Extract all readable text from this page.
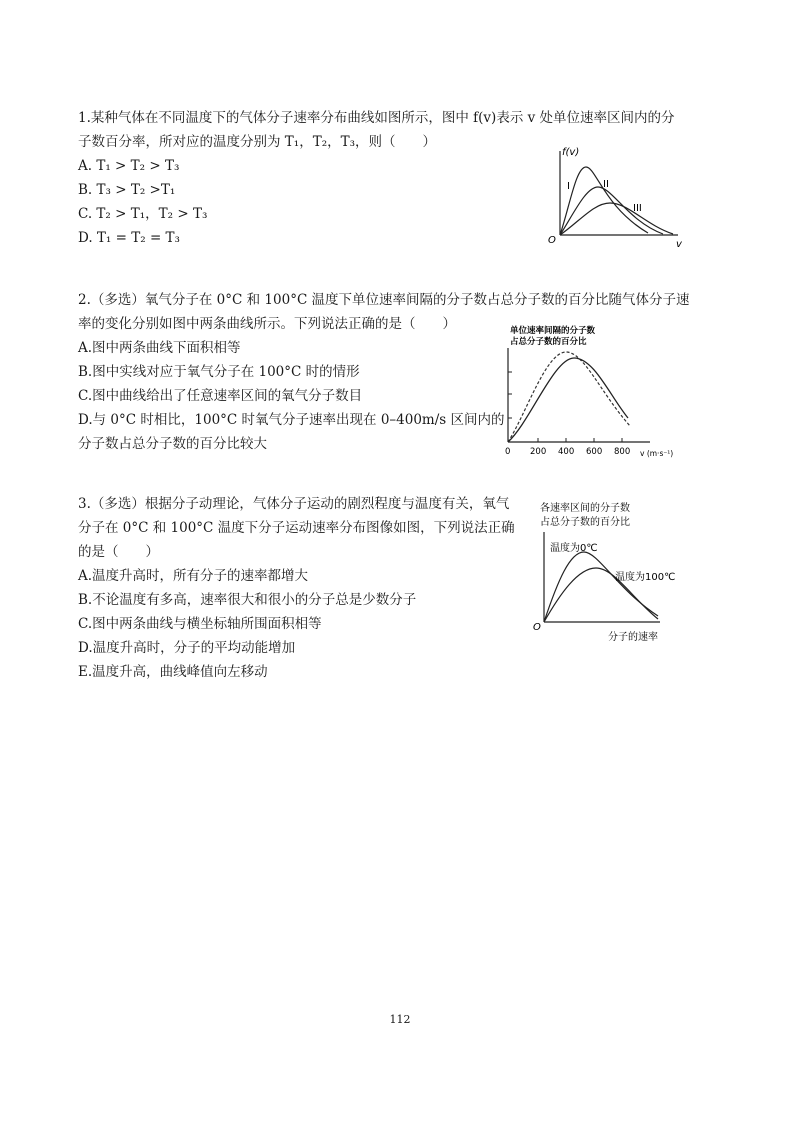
1.某种气体在不同温度下的气体分子速率分布曲线如图所示，图中 f(v)表示 v 处单位速率区间内的分
子数百分率，所对应的温度分别为 T₁，T₂，T₃，则（　　）
A. T₁ > T₂ > T₃
B. T₃ > T₂ >T₁
C. T₂ > T₁，T₂ > T₃
D. T₁ = T₂ = T₃
f(v)
v
O
I	II
III
2.（多选）氧气分子在 0°C 和 100°C 温度下单位速率间隔的分子数占总分子数的百分比随气体分子速
率的变化分别如图中两条曲线所示。下列说法正确的是（　　）
A.图中两条曲线下面积相等
B.图中实线对应于氧气分子在 100°C 时的情形
C.图中曲线给出了任意速率区间的氧气分子数目
D.与 0°C 时相比，100°C 时氧气分子速率出现在 0–400m/s 区间内的
分子数占总分子数的百分比较大
单位速率间隔的分子数
占总分子数的百分比
0 200 400 600 800 v (m·s⁻¹)
3.（多选）根据分子动理论，气体分子运动的剧烈程度与温度有关，氧气
分子在 0°C 和 100°C 温度下分子运动速率分布图像如图，下列说法正确
的是（　　）
A.温度升高时，所有分子的速率都增大
B.不论温度有多高，速率很大和很小的分子总是少数分子
C.图中两条曲线与横坐标轴所围面积相等
D.温度升高时，分子的平均动能增加
E.温度升高，曲线峰值向左移动
各速率区间的分子数
占总分子数的百分比
O
温度为0℃
温度为100℃
分子的速率
112
